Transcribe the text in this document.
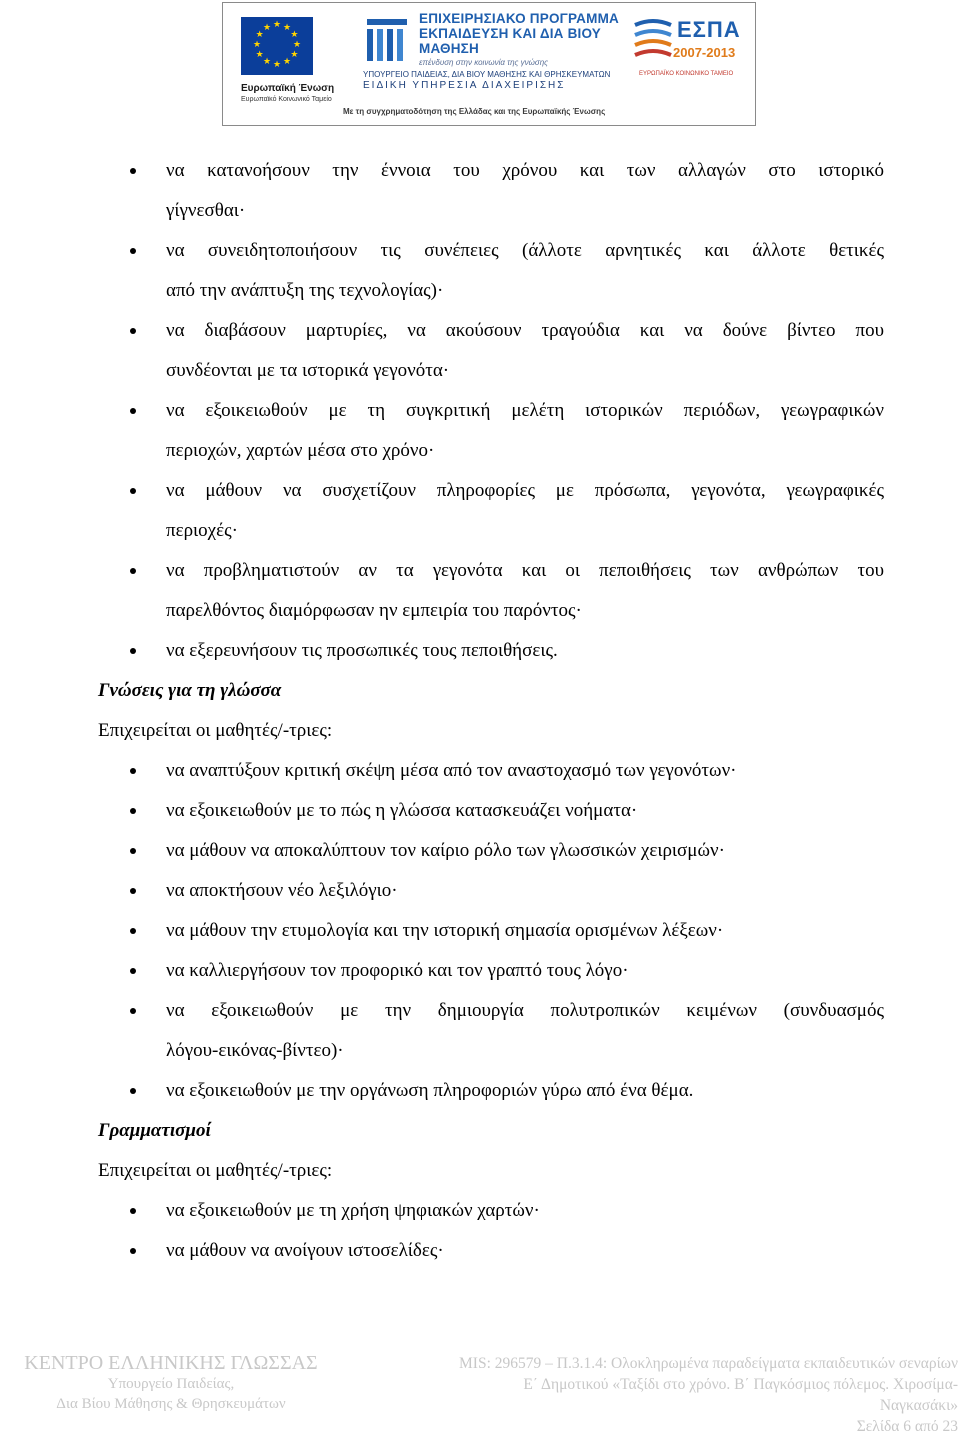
★ ★
★
★
★
★
★
★
★
★
★
★
Ευρωπαϊκή Ένωση
Ευρωπαϊκό Κοινωνικό Ταμείο
ΕΠΙΧΕΙΡΗΣΙΑΚΟ ΠΡΟΓΡΑΜΜΑ
ΕΚΠΑΙΔΕΥΣΗ ΚΑΙ ΔΙΑ ΒΙΟΥ ΜΑΘΗΣΗ
επένδυση στην κοινωνία της γνώσης
ΥΠΟΥΡΓΕΙΟ ΠΑΙΔΕΙΑΣ, ΔΙΑ ΒΙΟΥ ΜΑΘΗΣΗΣ ΚΑΙ ΘΡΗΣΚΕΥΜΑΤΩΝ
ΕΙΔΙΚΗ ΥΠΗΡΕΣΙΑ ΔΙΑΧΕΙΡΙΣΗΣ
Με τη συγχρηματοδότηση της Ελλάδας και της Ευρωπαϊκής Ένωσης
ΕΣΠΑ
2007-2013
ΕΥΡΩΠΑΪΚΟ ΚΟΙΝΩΝΙΚΟ ΤΑΜΕΙΟ
να κατανοήσουν την έννοια του χρόνου και των αλλαγών στο ιστορικό
γίγνεσθαι·
να συνειδητοποιήσουν τις συνέπειες (άλλοτε αρνητικές και άλλοτε θετικές
από την ανάπτυξη της τεχνολογίας)·
να διαβάσουν μαρτυρίες, να ακούσουν τραγούδια και να δούνε βίντεο που
συνδέονται με τα ιστορικά γεγονότα·
να εξοικειωθούν με τη συγκριτική μελέτη ιστορικών περιόδων, γεωγραφικών
περιοχών, χαρτών μέσα στο χρόνο·
να μάθουν να συσχετίζουν πληροφορίες με πρόσωπα, γεγονότα, γεωγραφικές
περιοχές·
να προβληματιστούν αν τα γεγονότα και οι πεποιθήσεις των ανθρώπων του
παρελθόντος διαμόρφωσαν ην εμπειρία του παρόντος·
να εξερευνήσουν τις προσωπικές τους πεποιθήσεις.
Γνώσεις για τη γλώσσα
Επιχειρείται οι μαθητές/-τριες:
να αναπτύξουν κριτική σκέψη μέσα από τον αναστοχασμό των γεγονότων·
να εξοικειωθούν με το πώς η γλώσσα κατασκευάζει νοήματα·
να μάθουν να αποκαλύπτουν τον καίριο ρόλο των γλωσσικών χειρισμών·
να αποκτήσουν νέο λεξιλόγιο·
να μάθουν την ετυμολογία και την ιστορική σημασία ορισμένων λέξεων·
να καλλιεργήσουν τον προφορικό και τον γραπτό τους λόγο·
να εξοικειωθούν με την δημιουργία πολυτροπικών κειμένων (συνδυασμός
λόγου-εικόνας-βίντεο)·
να εξοικειωθούν με την οργάνωση πληροφοριών γύρω από ένα θέμα.
Γραμματισμοί
Επιχειρείται οι μαθητές/-τριες:
να εξοικειωθούν με τη χρήση ψηφιακών χαρτών·
να μάθουν να ανοίγουν ιστοσελίδες·
ΚΕΝΤΡΟ ΕΛΛΗΝΙΚΗΣ ΓΛΩΣΣΑΣ
Υπουργείο Παιδείας,
Δια Βίου Μάθησης & Θρησκευμάτων
MIS: 296579 – Π.3.1.4: Ολοκληρωμένα παραδείγματα εκπαιδευτικών σεναρίων
Ε΄ Δημοτικού «Ταξίδι στο χρόνο. Β΄ Παγκόσμιος πόλεμος. Χιροσίμα-
Ναγκασάκι»
Σελίδα 6 από 23
